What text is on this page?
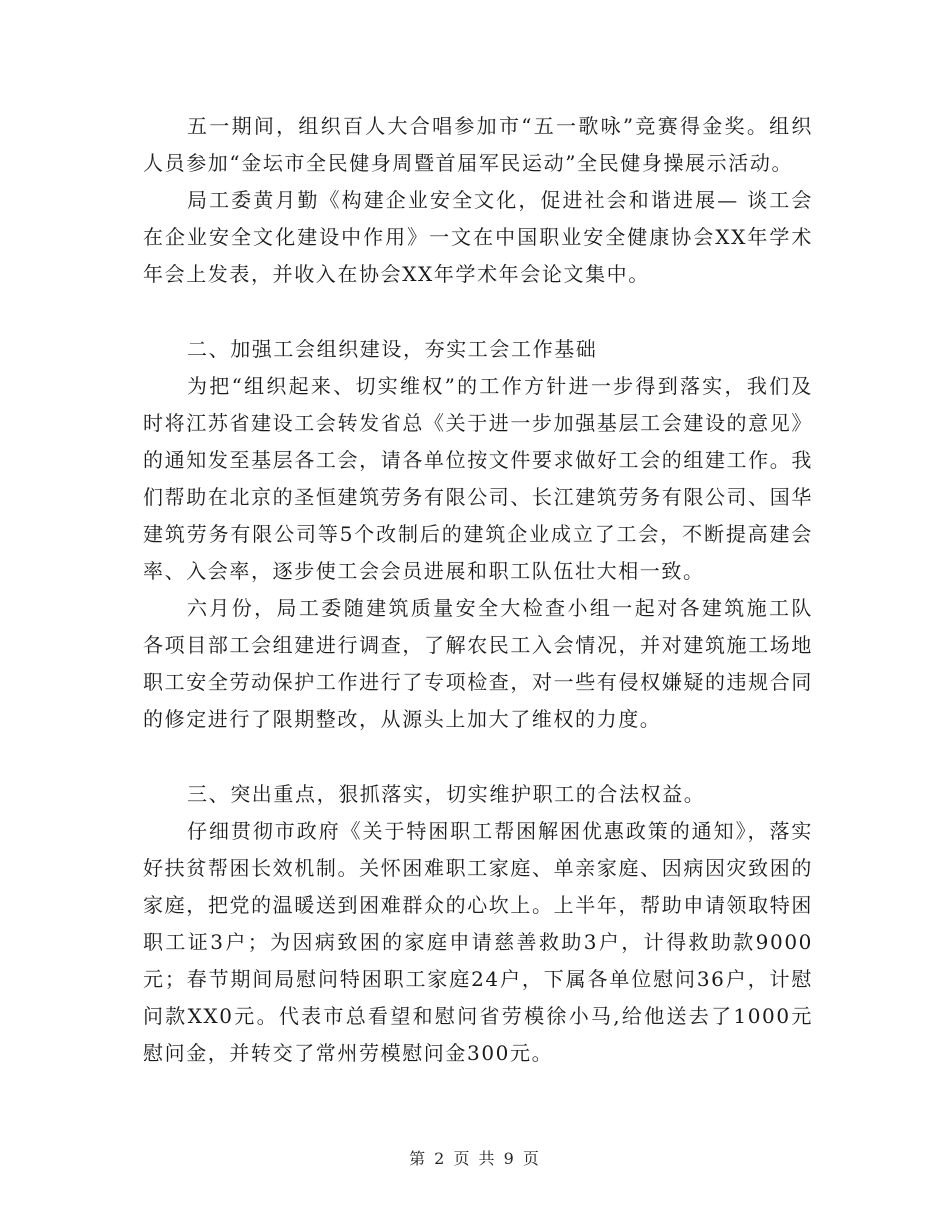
五一期间，组织百人大合唱参加市“五一歌咏”竞赛得金奖。组织人员参加“金坛市全民健身周暨首届军民运动”全民健身操展示活动。

局工委黄月勤《构建企业安全文化，促进社会和谐进展— 谈工会在企业安全文化建设中作用》一文在中国职业安全健康协会XX年学术年会上发表，并收入在协会XX年学术年会论文集中。

二、加强工会组织建设，夯实工会工作基础

为把“组织起来、切实维权”的工作方针进一步得到落实，我们及时将江苏省建设工会转发省总《关于进一步加强基层工会建设的意见》的通知发至基层各工会，请各单位按文件要求做好工会的组建工作。我们帮助在北京的圣恒建筑劳务有限公司、长江建筑劳务有限公司、国华建筑劳务有限公司等5个改制后的建筑企业成立了工会，不断提高建会率、入会率，逐步使工会会员进展和职工队伍壮大相一致。

六月份，局工委随建筑质量安全大检查小组一起对各建筑施工队各项目部工会组建进行调查，了解农民工入会情况，并对建筑施工场地职工安全劳动保护工作进行了专项检查，对一些有侵权嫌疑的违规合同的修定进行了限期整改，从源头上加大了维权的力度。

三、突出重点，狠抓落实，切实维护职工的合法权益。

仔细贯彻市政府《关于特困职工帮困解困优惠政策的通知》，落实好扶贫帮困长效机制。关怀困难职工家庭、单亲家庭、因病因灾致困的家庭，把党的温暖送到困难群众的心坎上。上半年，帮助申请领取特困职工证3户；为因病致困的家庭申请慈善救助3户，计得救助款9000元；春节期间局慰问特困职工家庭24户，下属各单位慰问36户，计慰问款XX0元。代表市总看望和慰问省劳模徐小马,给他送去了1000元慰问金，并转交了常州劳模慰问金300元。

第 2 页 共 9 页
